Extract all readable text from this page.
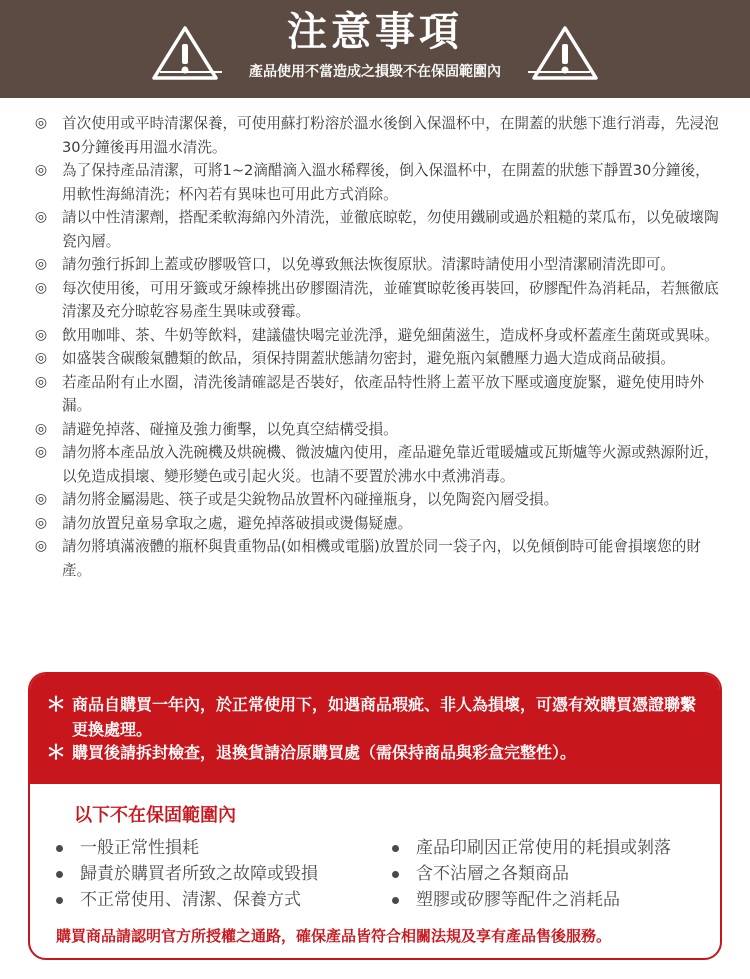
注意事項
產品使用不當造成之損毀不在保固範圍內
◎	首次使用或平時清潔保養，可使用蘇打粉溶於溫水後倒入保溫杯中，在開蓋的狀態下進行消毒，先浸泡30分鐘後再用溫水清洗。
◎	為了保持產品清潔，可將1~2滴醋滴入溫水稀釋後，倒入保溫杯中，在開蓋的狀態下靜置30分鐘後，用軟性海綿清洗；杯內若有異味也可用此方式消除。
◎	請以中性清潔劑，搭配柔軟海綿內外清洗，並徹底晾乾，勿使用鐵刷或過於粗糙的菜瓜布，以免破壞陶瓷內層。
◎	請勿強行拆卸上蓋或矽膠吸管口，以免導致無法恢復原狀。清潔時請使用小型清潔刷清洗即可。
◎	每次使用後，可用牙籤或牙線棒挑出矽膠圈清洗，並確實晾乾後再裝回，矽膠配件為消耗品，若無徹底清潔及充分晾乾容易產生異味或發霉。
◎	飲用咖啡、茶、牛奶等飲料，建議儘快喝完並洗淨，避免細菌滋生，造成杯身或杯蓋產生菌斑或異味。
◎	如盛裝含碳酸氣體類的飲品，須保持開蓋狀態請勿密封，避免瓶內氣體壓力過大造成商品破損。
◎	若產品附有止水圈，清洗後請確認是否裝好，依產品特性將上蓋平放下壓或適度旋緊，避免使用時外漏。
◎	請避免掉落、碰撞及強力衝擊，以免真空結構受損。
◎	請勿將本產品放入洗碗機及烘碗機、微波爐內使用，產品避免靠近電暖爐或瓦斯爐等火源或熱源附近，以免造成損壞、變形變色或引起火災。也請不要置於沸水中煮沸消毒。
◎	請勿將金屬湯匙、筷子或是尖銳物品放置杯內碰撞瓶身，以免陶瓷內層受損。
◎	請勿放置兒童易拿取之處，避免掉落破損或燙傷疑慮。
◎	請勿將填滿液體的瓶杯與貴重物品(如相機或電腦)放置於同一袋子內，以免傾倒時可能會損壞您的財產。
＊ 商品自購買一年內，於正常使用下，如遇商品瑕疵、非人為損壞，可憑有效購買憑證聯繫更換處理。
＊ 購買後請拆封檢查，退換貨請洽原購買處（需保持商品與彩盒完整性）。
以下不在保固範圍內
一般正常性損耗
歸責於購買者所致之故障或毀損
不正常使用、清潔、保養方式
產品印刷因正常使用的耗損或剝落
含不沾層之各類商品
塑膠或矽膠等配件之消耗品
購買商品請認明官方所授權之通路，確保產品皆符合相關法規及享有產品售後服務。
